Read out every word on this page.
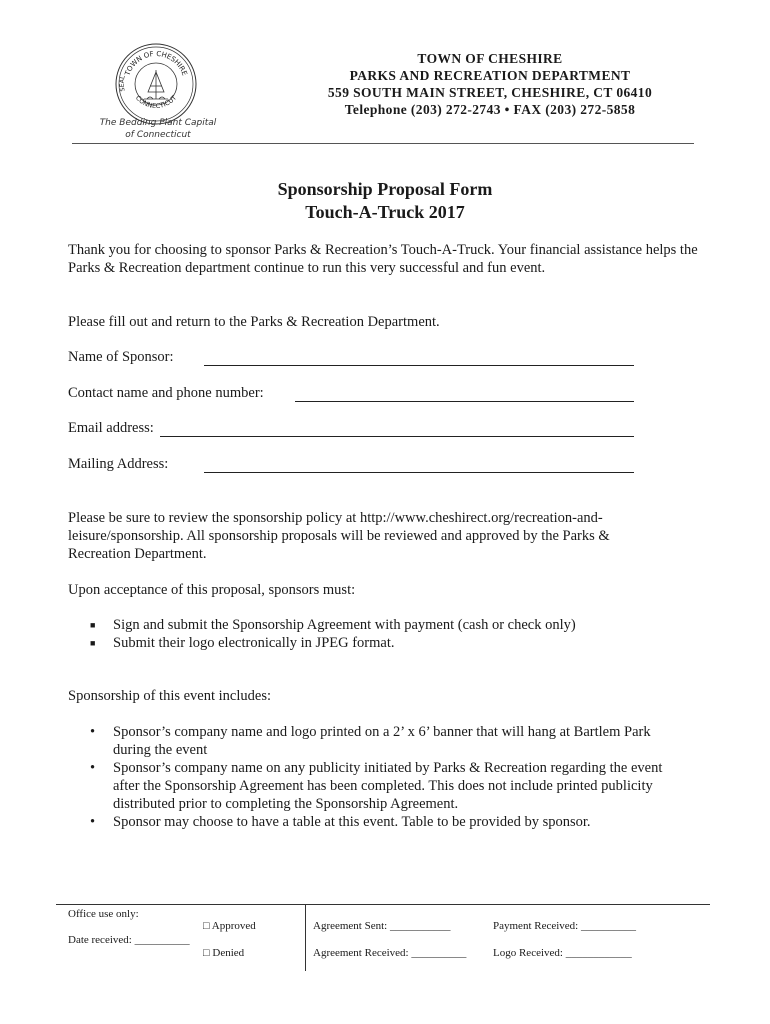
TOWN OF CHESHIRE
CONNECTICUT
SEAL
The Bedding Plant Capital
of Connecticut
TOWN OF CHESHIRE
PARKS AND RECREATION DEPARTMENT
559 SOUTH MAIN STREET, CHESHIRE, CT 06410
Telephone (203) 272-2743 • FAX (203) 272-5858
Sponsorship Proposal Form
Touch-A-Truck 2017
Thank you for choosing to sponsor Parks & Recreation’s Touch-A-Truck. Your financial assistance helps the Parks & Recreation department continue to run this very successful and fun event.
Please fill out and return to the Parks & Recreation Department.
Name of Sponsor:
Contact name and phone number:
Email address:
Mailing Address:
Please be sure to review the sponsorship policy at http://www.cheshirect.org/recreation-and-leisure/sponsorship. All sponsorship proposals will be reviewed and approved by the Parks & Recreation Department.
Upon acceptance of this proposal, sponsors must:
■ Sign and submit the Sponsorship Agreement with payment (cash or check only)
■ Submit their logo electronically in JPEG format.
Sponsorship of this event includes:
• Sponsor’s company name and logo printed on a 2’ x 6’ banner that will hang at Bartlem Park during the event
• Sponsor’s company name on any publicity initiated by Parks & Recreation regarding the event after the Sponsorship Agreement has been completed. This does not include printed publicity distributed prior to completing the Sponsorship Agreement.
• Sponsor may choose to have a table at this event. Table to be provided by sponsor.
Office use only:
Date received: __________
□ Approved
□ Denied
Agreement Sent: ___________
Agreement Received: __________
Payment Received: __________
Logo Received: ____________
